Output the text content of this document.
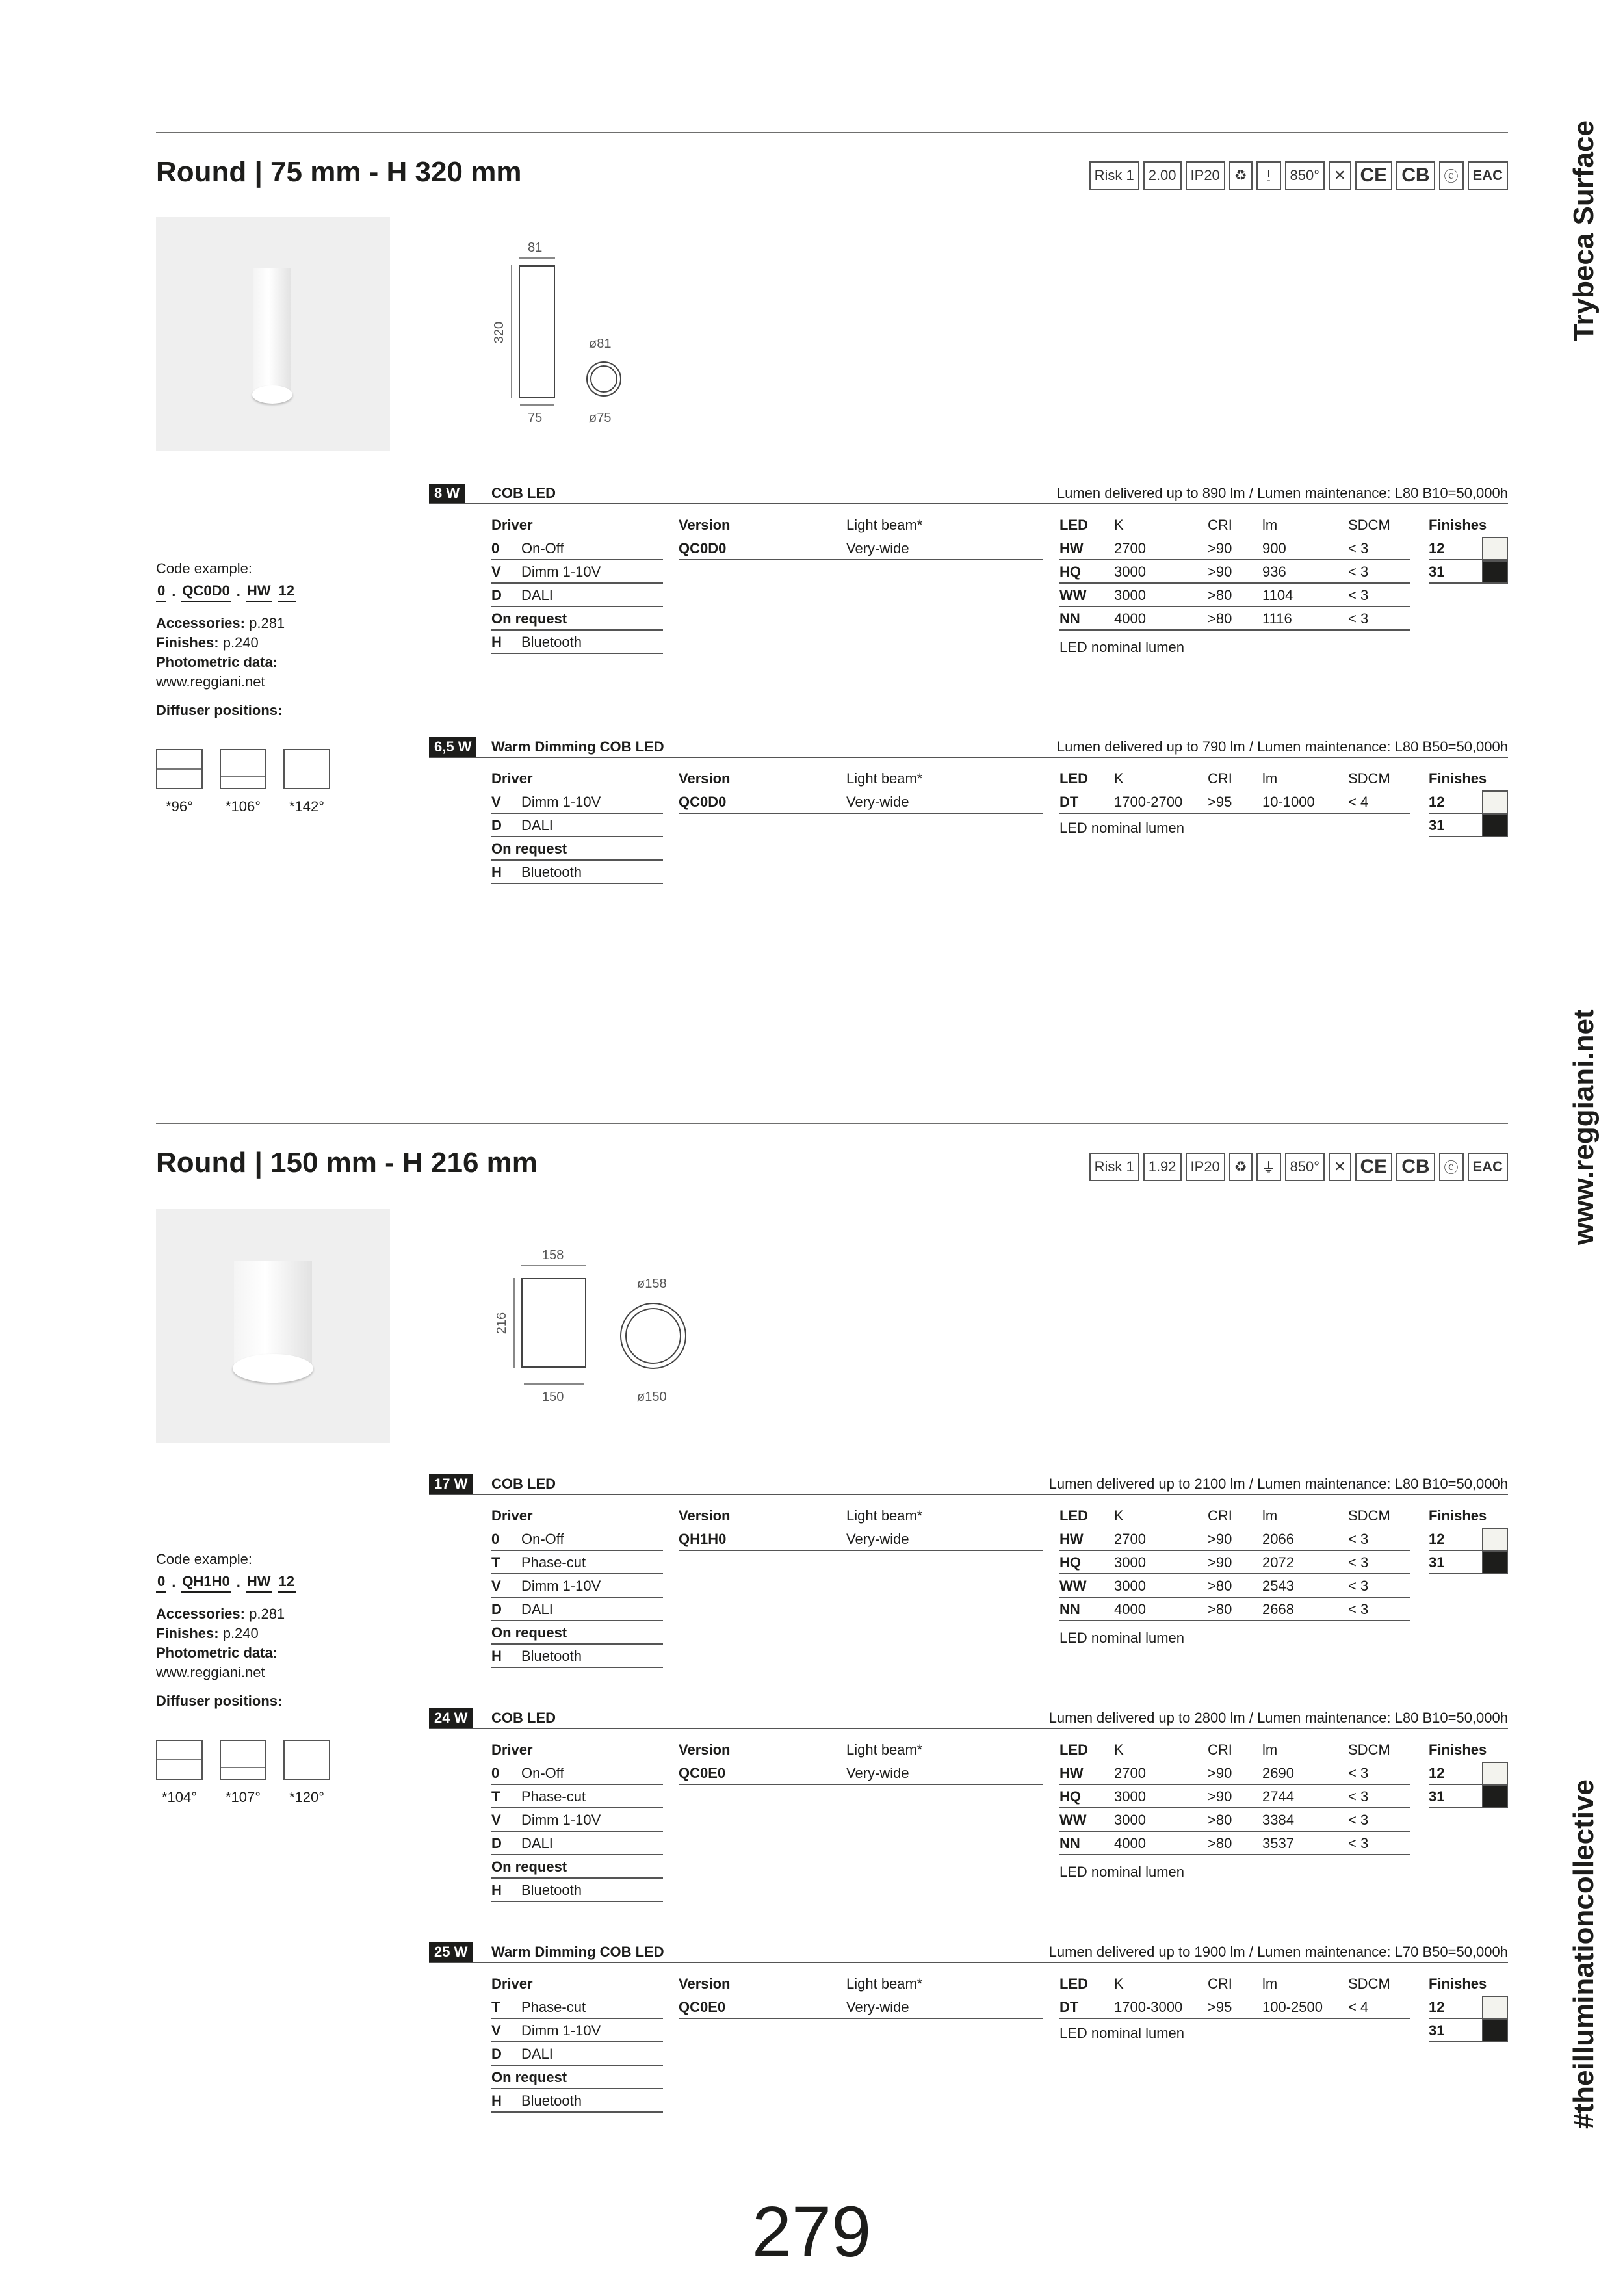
Trybeca Surface
www.reggiani.net
#theilluminationcollective
Round | 75 mm - H 320 mm	Risk 1	2.00	IP20	♻	⏚	850°	✕ CE CB	ⓒ	EAC
81
320
75
ø81
ø75
Code example:
0 . QC0D0 . HW 12
Accessories: p.281
Finishes: p.240
Photometric data:
www.reggiani.net
Diffuser positions:
*96°	*106°	*142°
8 W	COB LED	Lumen delivered up to 890 lm / Lumen maintenance: L80 B10=50,000h
Driver
0 On-Off
V Dimm 1-10V
D DALI
On request
H Bluetooth
Version	Light beam*
QC0D0	Very-wide
LED K	CRI lm	SDCM
HW 2700	>90 900	< 3
HQ 3000	>90 936	< 3
WW 3000	>80 1104	< 3
NN 4000	>80 1116	< 3
LED nominal lumen
Finishes
12
31
6,5 W	Warm Dimming COB LED	Lumen delivered up to 790 lm / Lumen maintenance: L80 B50=50,000h
Driver
V Dimm 1-10V
D DALI
On request
H Bluetooth
Version	Light beam*
QC0D0	Very-wide
LED K	CRI lm	SDCM
DT 1700-2700 >95 10-1000 < 4
LED nominal lumen
Finishes
12
31
Round | 150 mm - H 216 mm	Risk 1	1.92	IP20	♻	⏚	850°	✕ CE CB	ⓒ	EAC
158
216
150
ø158
ø150
Code example:
0 . QH1H0 . HW 12
Accessories: p.281
Finishes: p.240
Photometric data:
www.reggiani.net
Diffuser positions:
*104°	*107°	*120°
17 W	COB LED	Lumen delivered up to 2100 lm / Lumen maintenance: L80 B10=50,000h
Driver
0 On-Off
T Phase-cut
V Dimm 1-10V
D DALI
On request
H Bluetooth
Version	Light beam*
QH1H0	Very-wide
LED K	CRI lm	SDCM
HW 2700	>90 2066	< 3
HQ 3000	>90 2072	< 3
WW 3000	>80 2543	< 3
NN 4000	>80 2668	< 3
LED nominal lumen
Finishes
12
31
24 W	COB LED	Lumen delivered up to 2800 lm / Lumen maintenance: L80 B10=50,000h
Driver
0 On-Off
T Phase-cut
V Dimm 1-10V
D DALI
On request
H Bluetooth
Version	Light beam*
QC0E0	Very-wide
LED K	CRI lm	SDCM
HW 2700	>90 2690	< 3
HQ 3000	>90 2744	< 3
WW 3000	>80 3384	< 3
NN 4000	>80 3537	< 3
LED nominal lumen
Finishes
12
31
25 W	Warm Dimming COB LED	Lumen delivered up to 1900 lm / Lumen maintenance: L70 B50=50,000h
Driver
T Phase-cut
V Dimm 1-10V
D DALI
On request
H Bluetooth
Version	Light beam*
QC0E0	Very-wide
LED K	CRI lm	SDCM
DT 1700-3000 >95 100-2500 < 4
LED nominal lumen
Finishes
12
31
279
